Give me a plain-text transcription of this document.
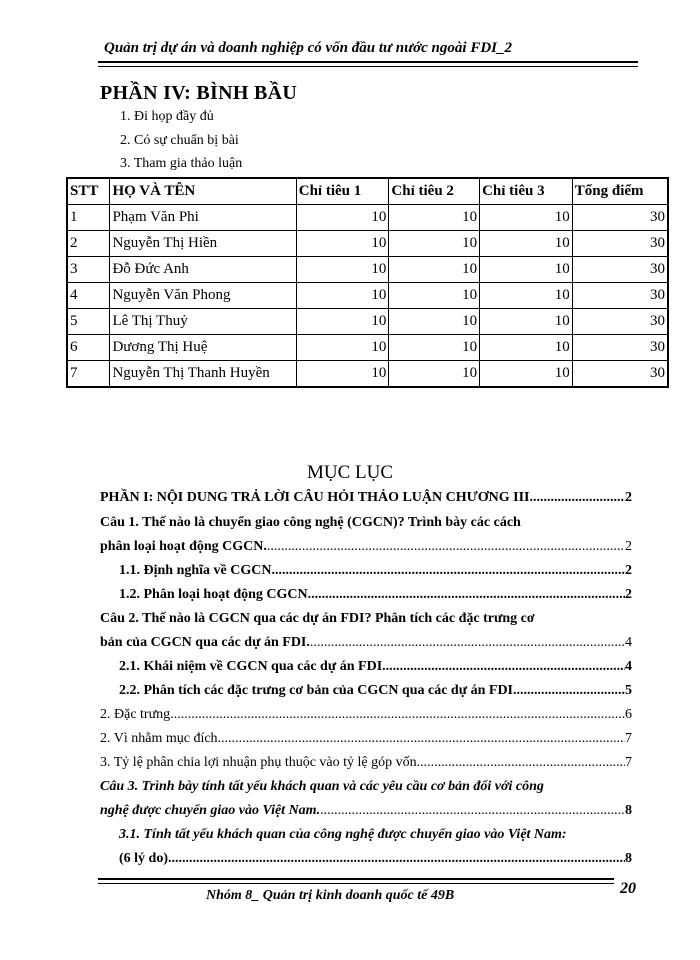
Quản trị dự án và doanh nghiệp có vốn đầu tư nước ngoài FDI_2
PHẦN IV: BÌNH BẦU
1. Đi họp đầy đủ
2. Có sự chuẩn bị bài
3. Tham gia thảo luận
STT	HỌ VÀ TÊN	Chỉ tiêu 1	Chỉ tiêu 2	Chỉ tiêu 3	Tổng điểm
1	Phạm Văn Phi	10	10	10	30
2	Nguyễn Thị Hiền	10	10	10	30
3	Đỗ Đức Anh	10	10	10	30
4	Nguyễn Văn Phong	10	10	10	30
5	Lê Thị Thuỷ	10	10	10	30
6	Dương Thị Huệ	10	10	10	30
7	Nguyễn Thị Thanh Huyền	10	10	10	30
MỤC LỤC
PHẦN I: NỘI DUNG TRẢ LỜI CÂU HỎI THẢO LUẬN CHƯƠNG III. .....	2
Câu 1. Thế nào là chuyển giao công nghệ (CGCN)? Trình bày các cách
phân loại hoạt động CGCN. .....	2
1.1. Định nghĩa về CGCN .....	2
1.2. Phân loại hoạt động CGCN. .....	2
Câu 2. Thế nào là CGCN qua các dự án FDI? Phân tích các đặc trưng cơ
bản của CGCN qua các dự án FDI. .....	4
2.1. Khái niệm về CGCN qua các dự án FDI .....	4
2.2. Phân tích các đặc trưng cơ bản của CGCN qua các dự án FDI. .....	5
2. Đặc trưng .....	6
2. Vì nhằm mục đích .....	7
3. Tỷ lệ phân chia lợi nhuận phụ thuộc vào tỷ lệ góp vốn .....	7
Câu 3. Trình bày tính tất yếu khách quan và các yêu cầu cơ bản đối với công
nghệ được chuyển giao vào Việt Nam. .....	8
3.1. Tính tất yếu khách quan của công nghệ được chuyển giao vào Việt Nam:
(6 lý do). .....	8
20
Nhóm 8_ Quản trị kinh doanh quốc tế 49B
